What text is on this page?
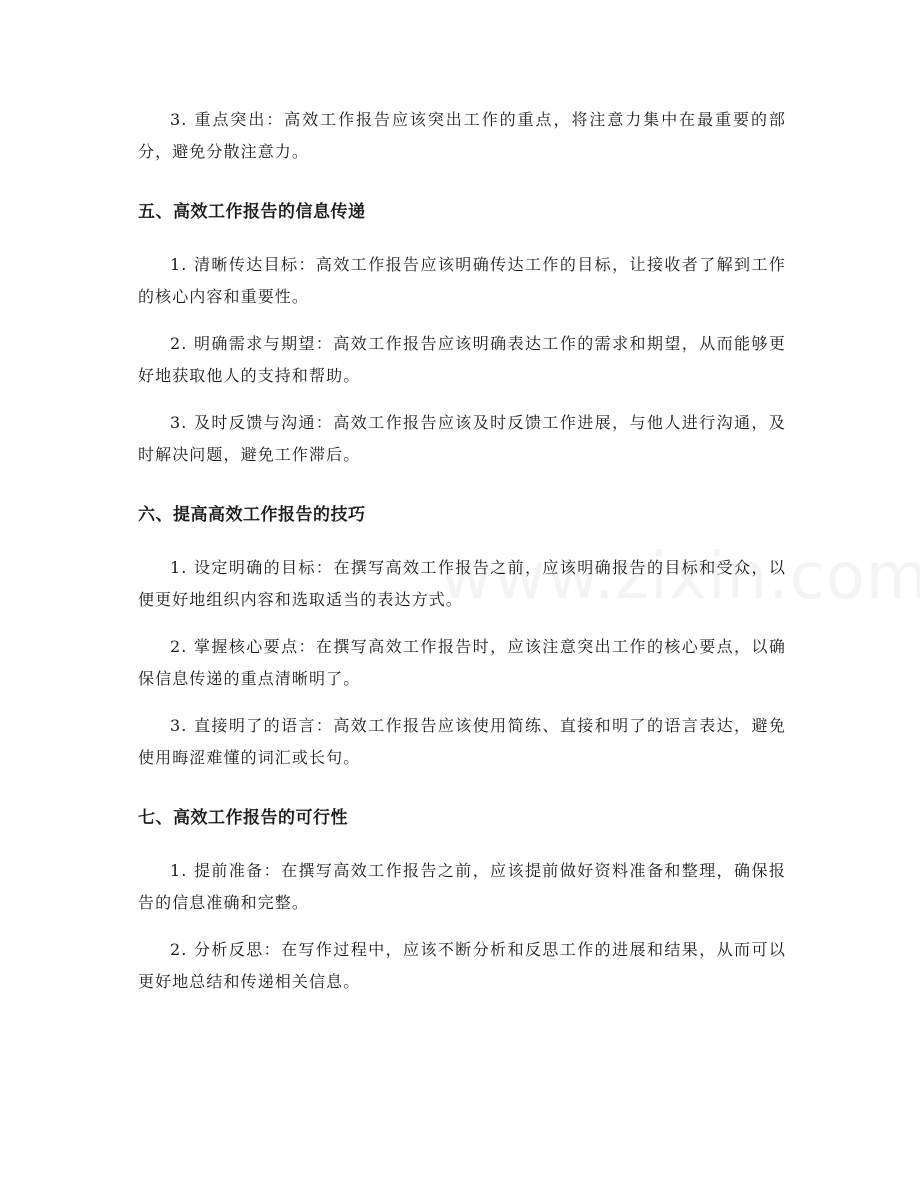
3. 重点突出：高效工作报告应该突出工作的重点，将注意力集中在最重要的部分，避免分散注意力。

五、高效工作报告的信息传递

1. 清晰传达目标：高效工作报告应该明确传达工作的目标，让接收者了解到工作的核心内容和重要性。

2. 明确需求与期望：高效工作报告应该明确表达工作的需求和期望，从而能够更好地获取他人的支持和帮助。

3. 及时反馈与沟通：高效工作报告应该及时反馈工作进展，与他人进行沟通，及时解决问题，避免工作滞后。

六、提高高效工作报告的技巧

1. 设定明确的目标：在撰写高效工作报告之前，应该明确报告的目标和受众，以便更好地组织内容和选取适当的表达方式。

2. 掌握核心要点：在撰写高效工作报告时，应该注意突出工作的核心要点，以确保信息传递的重点清晰明了。

3. 直接明了的语言：高效工作报告应该使用简练、直接和明了的语言表达，避免使用晦涩难懂的词汇或长句。

七、高效工作报告的可行性

1. 提前准备：在撰写高效工作报告之前，应该提前做好资料准备和整理，确保报告的信息准确和完整。

2. 分析反思：在写作过程中，应该不断分析和反思工作的进展和结果，从而可以更好地总结和传递相关信息。
